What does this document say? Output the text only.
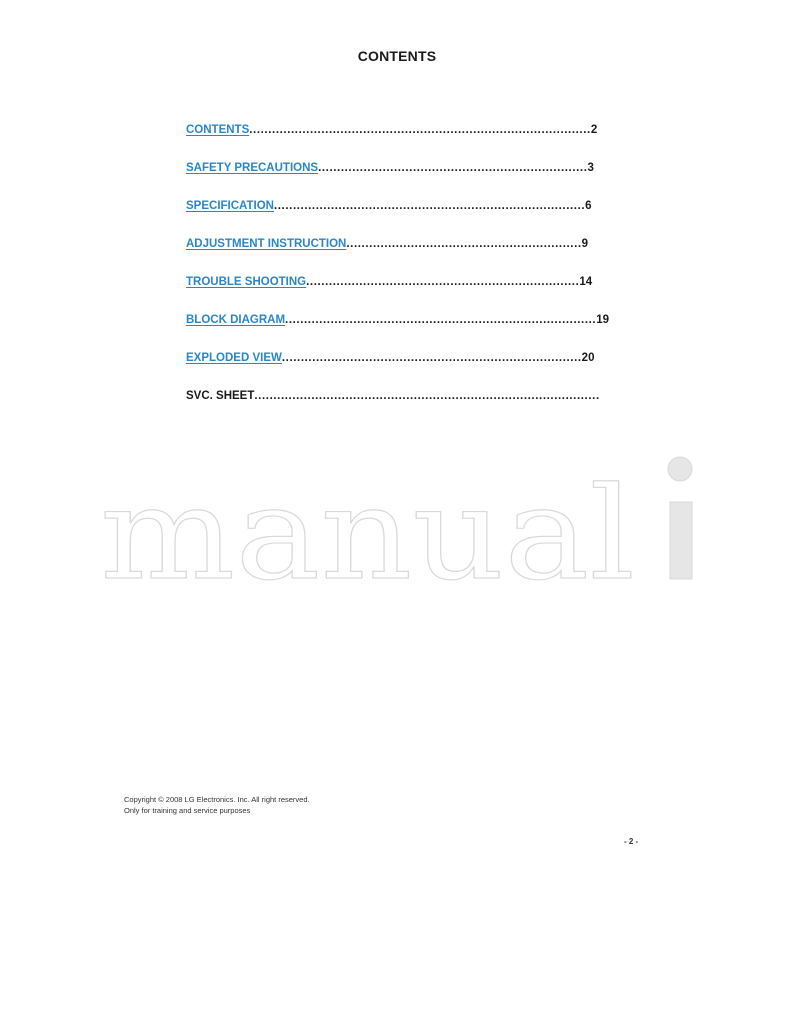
CONTENTS
CONTENTS .......................................................................................... 2
SAFETY PRECAUTIONS ....................................................................... 3
SPECIFICATION .................................................................................. 6
ADJUSTMENT INSTRUCTION .............................................................. 9
TROUBLE SHOOTING ........................................................................ 14
BLOCK DIAGRAM .................................................................................. 19
EXPLODED VIEW ............................................................................... 20
SVC. SHEET ...........................................................................................
manual
Copyright © 2008 LG Electronics. Inc. All right reserved.
Only for training and service purposes
- 2 -
